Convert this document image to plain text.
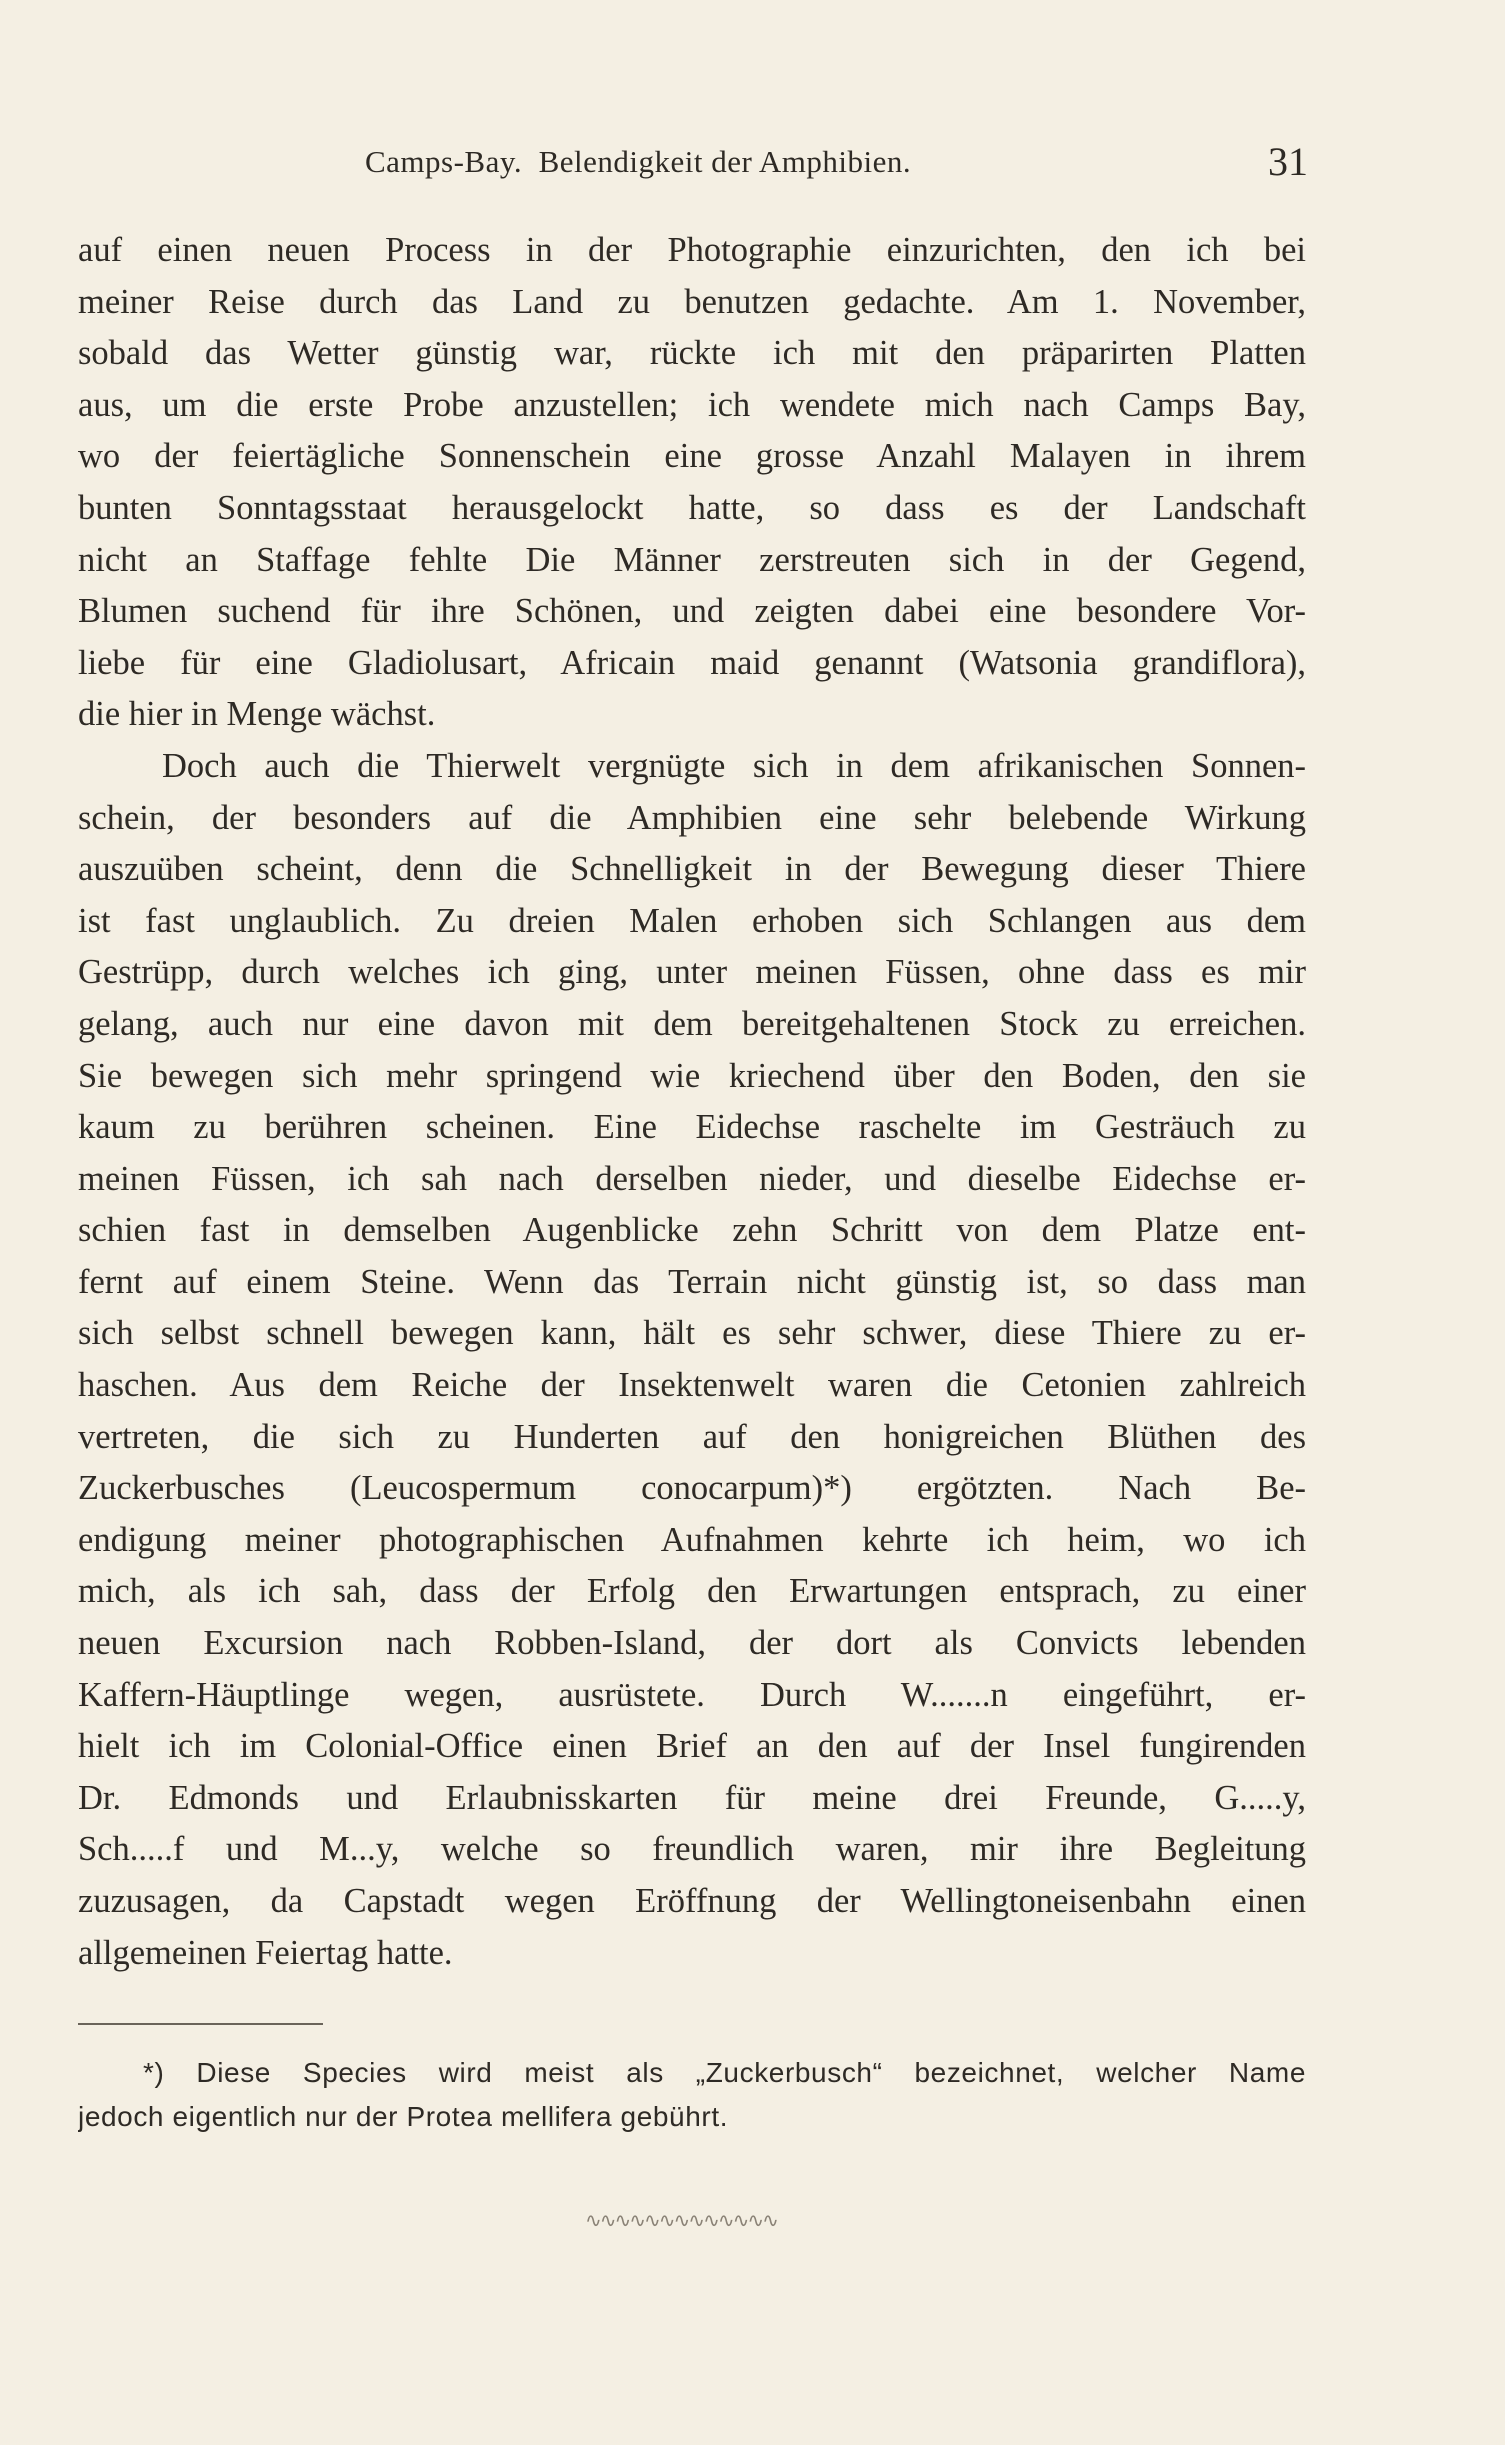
Camps-Bay.  Belendigkeit der Amphibien.	31
auf einen neuen Process in der Photographie einzurichten, den ich bei
meiner Reise durch das Land zu benutzen gedachte. Am 1. November,
sobald das Wetter günstig war, rückte ich mit den präparirten Platten
aus, um die erste Probe anzustellen; ich wendete mich nach Camps Bay,
wo der feiertägliche Sonnenschein eine grosse Anzahl Malayen in ihrem
bunten Sonntagsstaat herausgelockt hatte, so dass es der Landschaft
nicht an Staffage fehlte Die Männer zerstreuten sich in der Gegend,
Blumen suchend für ihre Schönen, und zeigten dabei eine besondere Vor-
liebe für eine Gladiolusart, Africain maid genannt (Watsonia grandiflora),
die hier in Menge wächst.
Doch auch die Thierwelt vergnügte sich in dem afrikanischen Sonnen-
schein, der besonders auf die Amphibien eine sehr belebende Wirkung
auszuüben scheint, denn die Schnelligkeit in der Bewegung dieser Thiere
ist fast unglaublich. Zu dreien Malen erhoben sich Schlangen aus dem
Gestrüpp, durch welches ich ging, unter meinen Füssen, ohne dass es mir
gelang, auch nur eine davon mit dem bereitgehaltenen Stock zu erreichen.
Sie bewegen sich mehr springend wie kriechend über den Boden, den sie
kaum zu berühren scheinen. Eine Eidechse raschelte im Gesträuch zu
meinen Füssen, ich sah nach derselben nieder, und dieselbe Eidechse er-
schien fast in demselben Augenblicke zehn Schritt von dem Platze ent-
fernt auf einem Steine. Wenn das Terrain nicht günstig ist, so dass man
sich selbst schnell bewegen kann, hält es sehr schwer, diese Thiere zu er-
haschen. Aus dem Reiche der Insektenwelt waren die Cetonien zahlreich
vertreten, die sich zu Hunderten auf den honigreichen Blüthen des
Zuckerbusches (Leucospermum conocarpum)*) ergötzten. Nach Be-
endigung meiner photographischen Aufnahmen kehrte ich heim, wo ich
mich, als ich sah, dass der Erfolg den Erwartungen entsprach, zu einer
neuen Excursion nach Robben-Island, der dort als Convicts lebenden
Kaffern-Häuptlinge wegen, ausrüstete. Durch W.......n eingeführt, er-
hielt ich im Colonial-Office einen Brief an den auf der Insel fungirenden
Dr. Edmonds und Erlaubnisskarten für meine drei Freunde, G.....y,
Sch.....f und M...y, welche so freundlich waren, mir ihre Begleitung
zuzusagen, da Capstadt wegen Eröffnung der Wellingtoneisenbahn einen
allgemeinen Feiertag hatte.
*) Diese Species wird meist als „Zuckerbusch“ bezeichnet, welcher Name
jedoch eigentlich nur der Protea mellifera gebührt.
∿∿∿∿∿∿∿∿∿∿∿∿∿
